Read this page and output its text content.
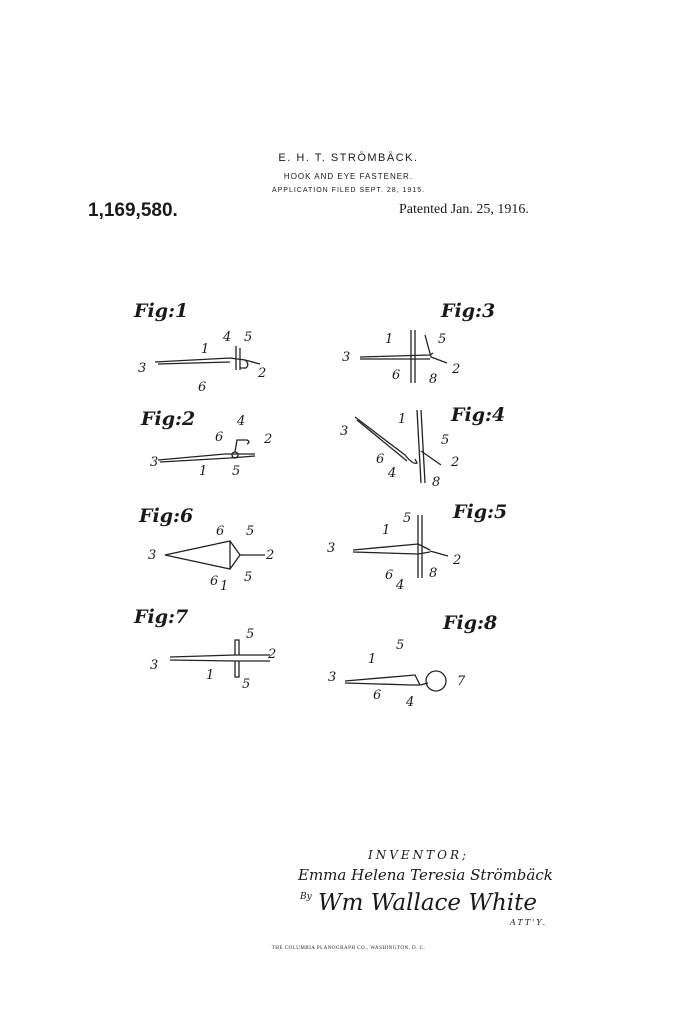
E. H. T. STRÖMBÄCK.
HOOK AND EYE FASTENER.
APPLICATION FILED SEPT. 28, 1915.
1,169,580.	Patented Jan. 25, 1916.
Fig:1	Fig:3
Fig:2	Fig:4
Fig:6	Fig:5
Fig:7	Fig:8
3
1
4 5
2
6
3
1	5
2
6 8
3
6
4
2
1 5
3
1
5
2
6
4
8
3
6 5
2
6 1
5
3
1
5
2
6
4
8
3
5
2
1
5	3
1
5
7
6 4
INVENTOR;
Emma Helena Teresia Strömbäck
By Wm Wallace White
ATT'Y.
THE COLUMBIA PLANOGRAPH CO., WASHINGTON, D. C.
